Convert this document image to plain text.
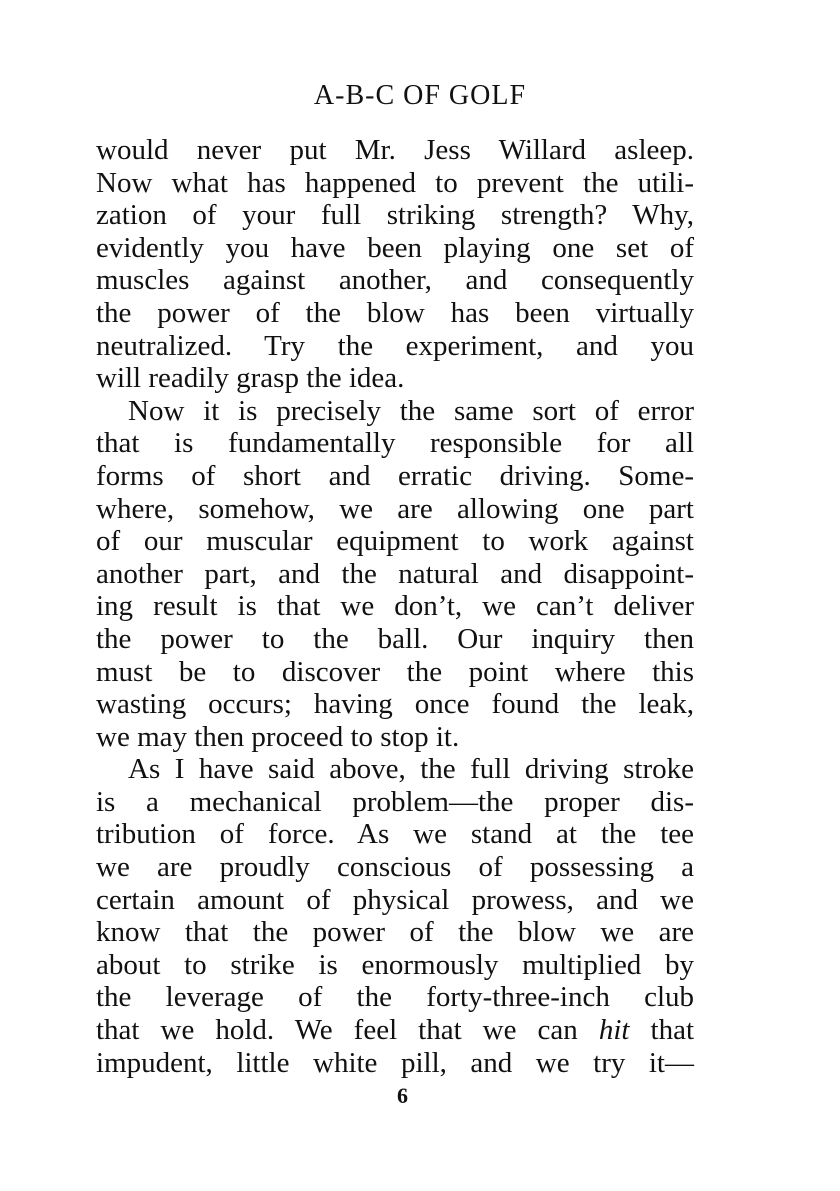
A-B-C OF GOLF
would never put Mr. Jess Willard asleep.
Now what has happened to prevent the utili-
zation of your full striking strength? Why,
evidently you have been playing one set of
muscles against another, and consequently
the power of the blow has been virtually
neutralized. Try the experiment, and you
will readily grasp the idea.
Now it is precisely the same sort of error
that is fundamentally responsible for all
forms of short and erratic driving. Some-
where, somehow, we are allowing one part
of our muscular equipment to work against
another part, and the natural and disappoint-
ing result is that we don’t, we can’t deliver
the power to the ball. Our inquiry then
must be to discover the point where this
wasting occurs; having once found the leak,
we may then proceed to stop it.
As I have said above, the full driving stroke
is a mechanical problem—the proper dis-
tribution of force. As we stand at the tee
we are proudly conscious of possessing a
certain amount of physical prowess, and we
know that the power of the blow we are
about to strike is enormously multiplied by
the leverage of the forty-three-inch club
that we hold. We feel that we can hit that
impudent, little white pill, and we try it—
6
